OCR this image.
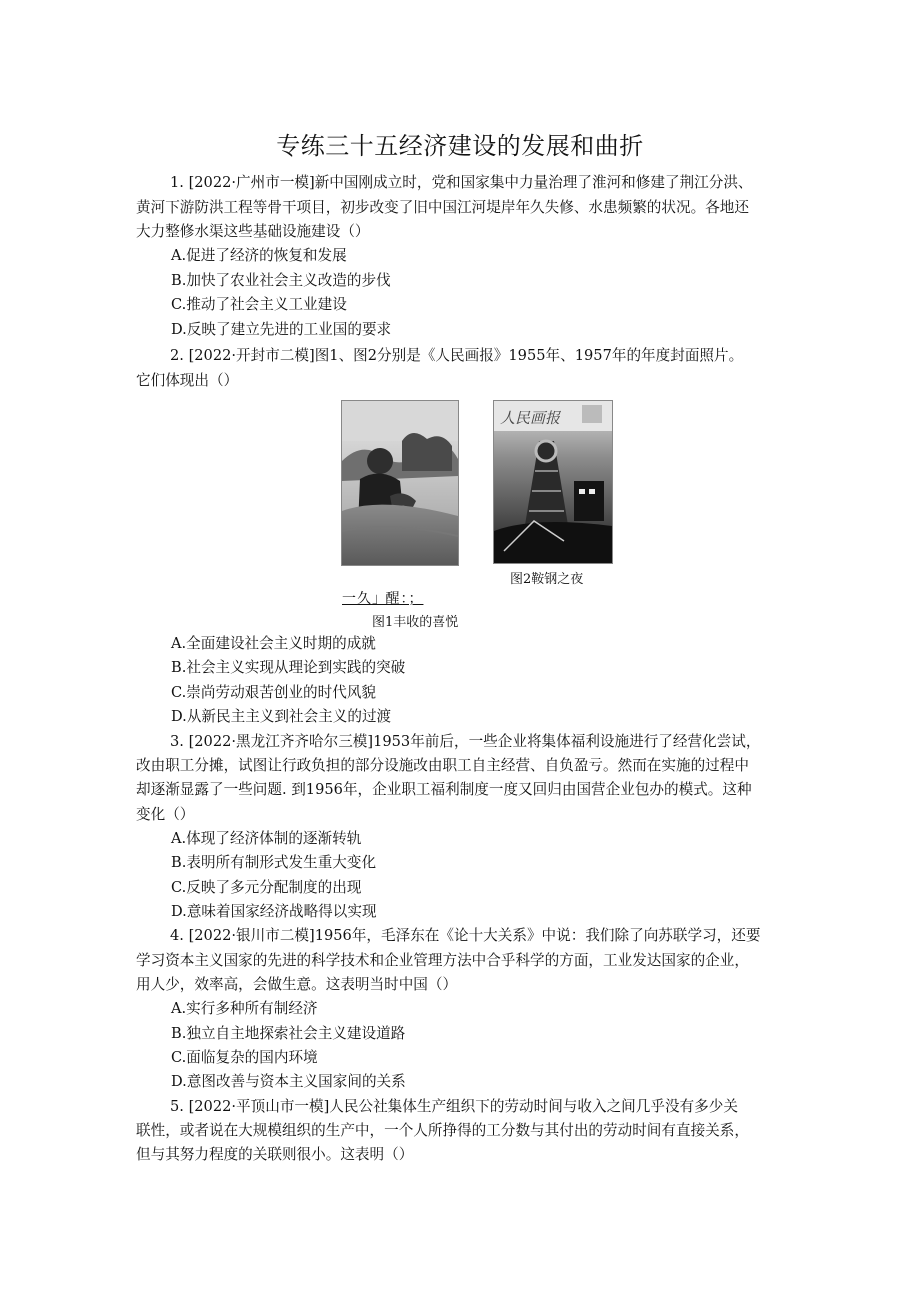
专练三十五经济建设的发展和曲折
1. [2022·广州市一模]新中国刚成立时，党和国家集中力量治理了淮河和修建了荆江分洪、
黄河下游防洪工程等骨干项目，初步改变了旧中国江河堤岸年久失修、水患频繁的状况。各地还
大力整修水渠这些基础设施建设（）
A.促进了经济的恢复和发展
B.加快了农业社会主义改造的步伐
C.推动了社会主义工业建设
D.反映了建立先进的工业国的要求
2. [2022·开封市二模]图1、图2分别是《人民画报》1955年、1957年的年度封面照片。
它们体现出（）
人民画报
图2鞍钢之夜
一久｣ 醒：；
图1丰收的喜悦
A.全面建设社会主义时期的成就
B.社会主义实现从理论到实践的突破
C.崇尚劳动艰苦创业的时代风貌
D.从新民主主义到社会主义的过渡
3. [2022·黑龙江齐齐哈尔三模]1953年前后，一些企业将集体福利设施进行了经营化尝试，
改由职工分摊，试图让行政负担的部分设施改由职工自主经营、自负盈亏。然而在实施的过程中
却逐渐显露了一些问题. 到1956年，企业职工福利制度一度又回归由国营企业包办的模式。这种
变化（）
A.体现了经济体制的逐渐转轨
B.表明所有制形式发生重大变化
C.反映了多元分配制度的出现
D.意味着国家经济战略得以实现
4. [2022·银川市二模]1956年，毛泽东在《论十大关系》中说：我们除了向苏联学习，还要
学习资本主义国家的先进的科学技术和企业管理方法中合乎科学的方面，工业发达国家的企业，
用人少，效率高，会做生意。这表明当时中国（）
A.实行多种所有制经济
B.独立自主地探索社会主义建设道路
C.面临复杂的国内环境
D.意图改善与资本主义国家间的关系
5. [2022·平顶山市一模]人民公社集体生产组织下的劳动时间与收入之间几乎没有多少关
联性，或者说在大规模组织的生产中，一个人所挣得的工分数与其付出的劳动时间有直接关系，
但与其努力程度的关联则很小。这表明（）
